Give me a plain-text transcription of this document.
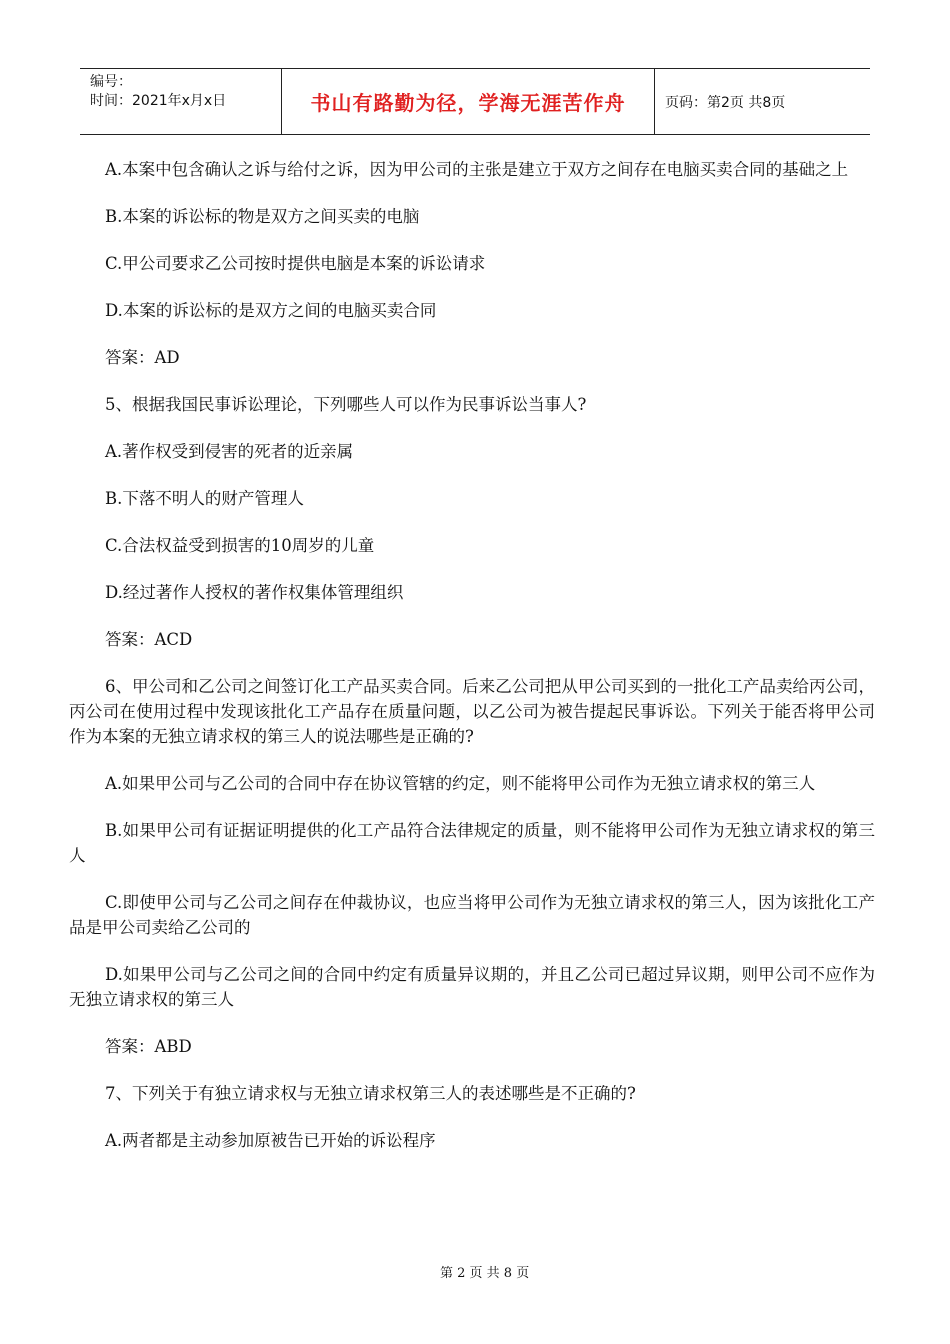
编号：
时间：2021年x月x日	书山有路勤为径，学海无涯苦作舟	页码：第2页 共8页

A.本案中包含确认之诉与给付之诉，因为甲公司的主张是建立于双方之间存在电脑买卖合同的基础之上

B.本案的诉讼标的物是双方之间买卖的电脑

C.甲公司要求乙公司按时提供电脑是本案的诉讼请求

D.本案的诉讼标的是双方之间的电脑买卖合同

答案：AD

5、根据我国民事诉讼理论，下列哪些人可以作为民事诉讼当事人?

A.著作权受到侵害的死者的近亲属

B.下落不明人的财产管理人

C.合法权益受到损害的10周岁的儿童

D.经过著作人授权的著作权集体管理组织

答案：ACD

6、甲公司和乙公司之间签订化工产品买卖合同。后来乙公司把从甲公司买到的一批化工产品卖给丙公司，丙公司在使用过程中发现该批化工产品存在质量问题，以乙公司为被告提起民事诉讼。下列关于能否将甲公司作为本案的无独立请求权的第三人的说法哪些是正确的?

A.如果甲公司与乙公司的合同中存在协议管辖的约定，则不能将甲公司作为无独立请求权的第三人

B.如果甲公司有证据证明提供的化工产品符合法律规定的质量，则不能将甲公司作为无独立请求权的第三人

C.即使甲公司与乙公司之间存在仲裁协议，也应当将甲公司作为无独立请求权的第三人，因为该批化工产品是甲公司卖给乙公司的

D.如果甲公司与乙公司之间的合同中约定有质量异议期的，并且乙公司已超过异议期，则甲公司不应作为无独立请求权的第三人

答案：ABD

7、下列关于有独立请求权与无独立请求权第三人的表述哪些是不正确的?

A.两者都是主动参加原被告已开始的诉讼程序

第 2 页 共 8 页
